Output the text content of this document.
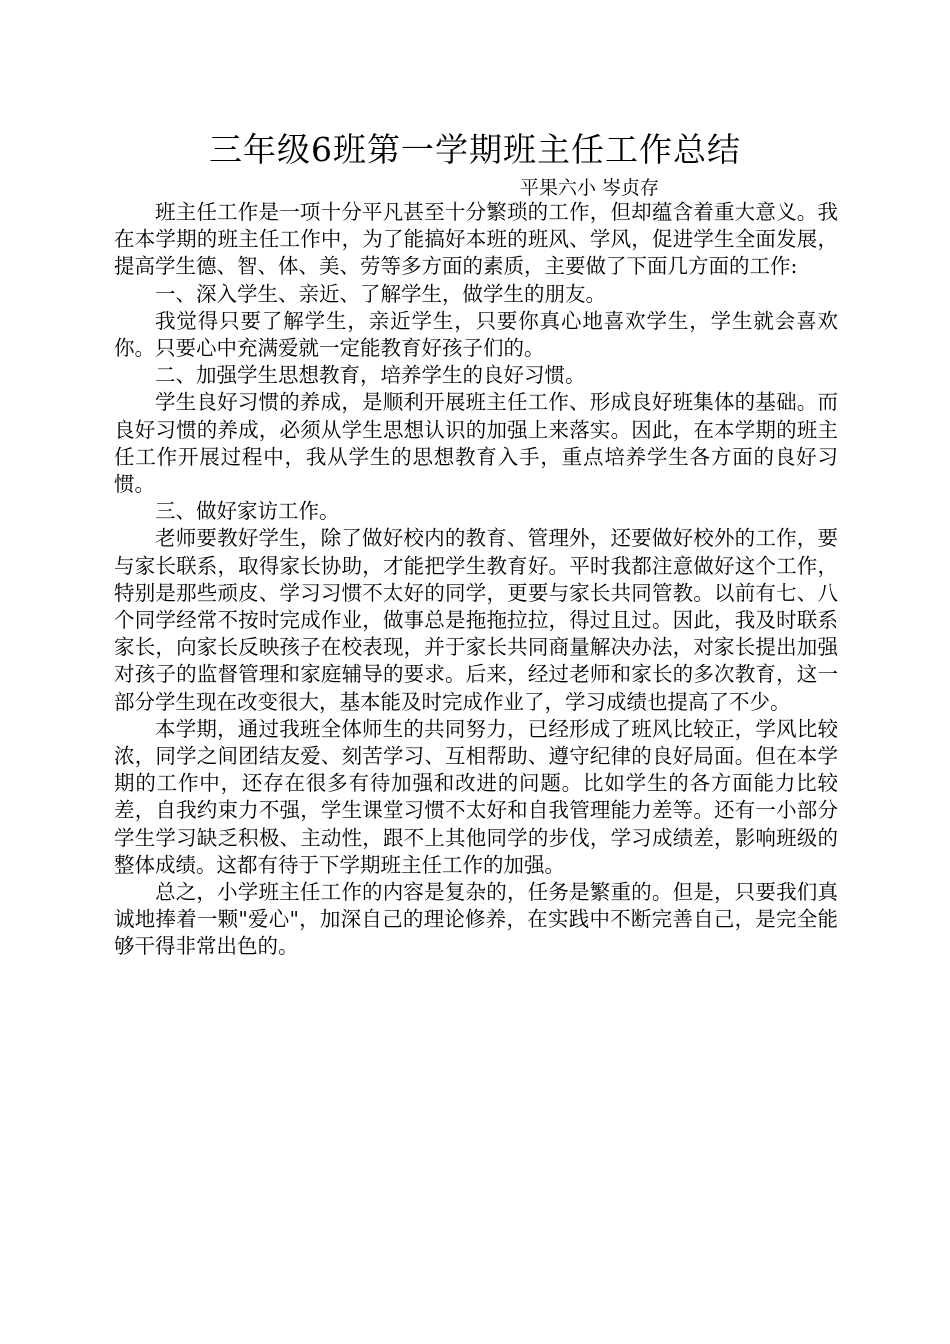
三年级6班第一学期班主任工作总结
平果六小 岑贞存

班主任工作是一项十分平凡甚至十分繁琐的工作，但却蕴含着重大意义。我在本学期的班主任工作中，为了能搞好本班的班风、学风，促进学生全面发展，提高学生德、智、体、美、劳等多方面的素质，主要做了下面几方面的工作:

一、深入学生、亲近、了解学生，做学生的朋友。

我觉得只要了解学生，亲近学生，只要你真心地喜欢学生，学生就会喜欢你。只要心中充满爱就一定能教育好孩子们的。

二、加强学生思想教育，培养学生的良好习惯。

学生良好习惯的养成，是顺利开展班主任工作、形成良好班集体的基础。而良好习惯的养成，必须从学生思想认识的加强上来落实。因此，在本学期的班主任工作开展过程中，我从学生的思想教育入手，重点培养学生各方面的良好习惯。

三、做好家访工作。

老师要教好学生，除了做好校内的教育、管理外，还要做好校外的工作，要与家长联系，取得家长协助，才能把学生教育好。平时我都注意做好这个工作，特别是那些顽皮、学习习惯不太好的同学，更要与家长共同管教。以前有七、八个同学经常不按时完成作业，做事总是拖拖拉拉，得过且过。因此，我及时联系家长，向家长反映孩子在校表现，并于家长共同商量解决办法，对家长提出加强对孩子的监督管理和家庭辅导的要求。后来，经过老师和家长的多次教育，这一部分学生现在改变很大，基本能及时完成作业了，学习成绩也提高了不少。

本学期，通过我班全体师生的共同努力，已经形成了班风比较正，学风比较浓，同学之间团结友爱、刻苦学习、互相帮助、遵守纪律的良好局面。但在本学期的工作中，还存在很多有待加强和改进的问题。比如学生的各方面能力比较差，自我约束力不强，学生课堂习惯不太好和自我管理能力差等。还有一小部分学生学习缺乏积极、主动性，跟不上其他同学的步伐，学习成绩差，影响班级的整体成绩。这都有待于下学期班主任工作的加强。

总之，小学班主任工作的内容是复杂的，任务是繁重的。但是，只要我们真诚地捧着一颗"爱心"，加深自己的理论修养，在实践中不断完善自己，是完全能够干得非常出色的。
